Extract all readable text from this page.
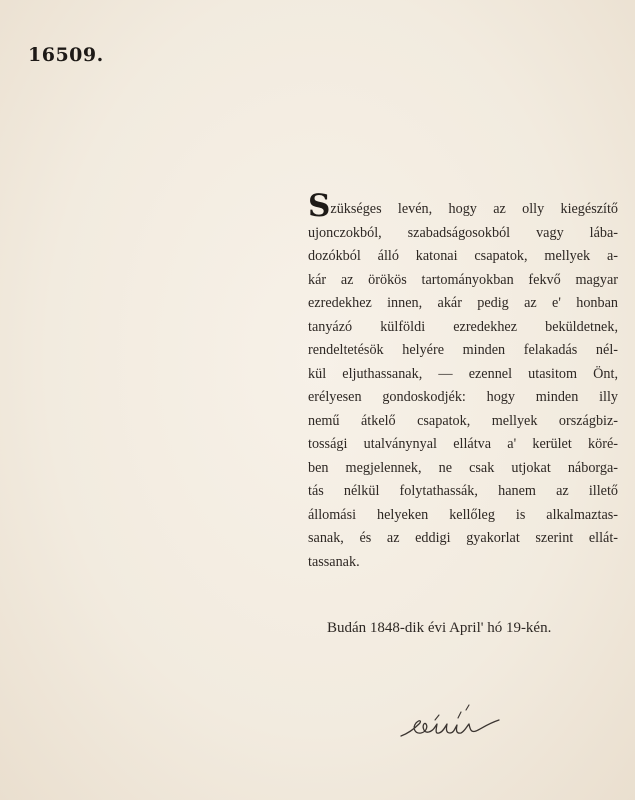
16509.
Szükséges levén, hogy az olly kiegészítő
ujonczokból, szabadságosokból vagy lába-
dozókból álló katonai csapatok, mellyek a-
kár az örökös tartományokban fekvő magyar
ezredekhez innen, akár pedig az e' honban
tanyázó külföldi ezredekhez beküldetnek,
rendeltetésök helyére minden felakadás nél-
kül eljuthassanak, — ezennel utasitom Önt,
erélyesen gondoskodjék: hogy minden illy
nemű átkelő csapatok, mellyek országbiz-
tossági utalványnyal ellátva a' kerület köré-
ben megjelennek, ne csak utjokat náborga-
tás nélkül folytathassák, hanem az illető
állomási helyeken kellőleg is alkalmaztas-
sanak, és az eddigi gyakorlat szerint ellát-
tassanak.
Budán 1848-dik évi April' hó 19-kén.
